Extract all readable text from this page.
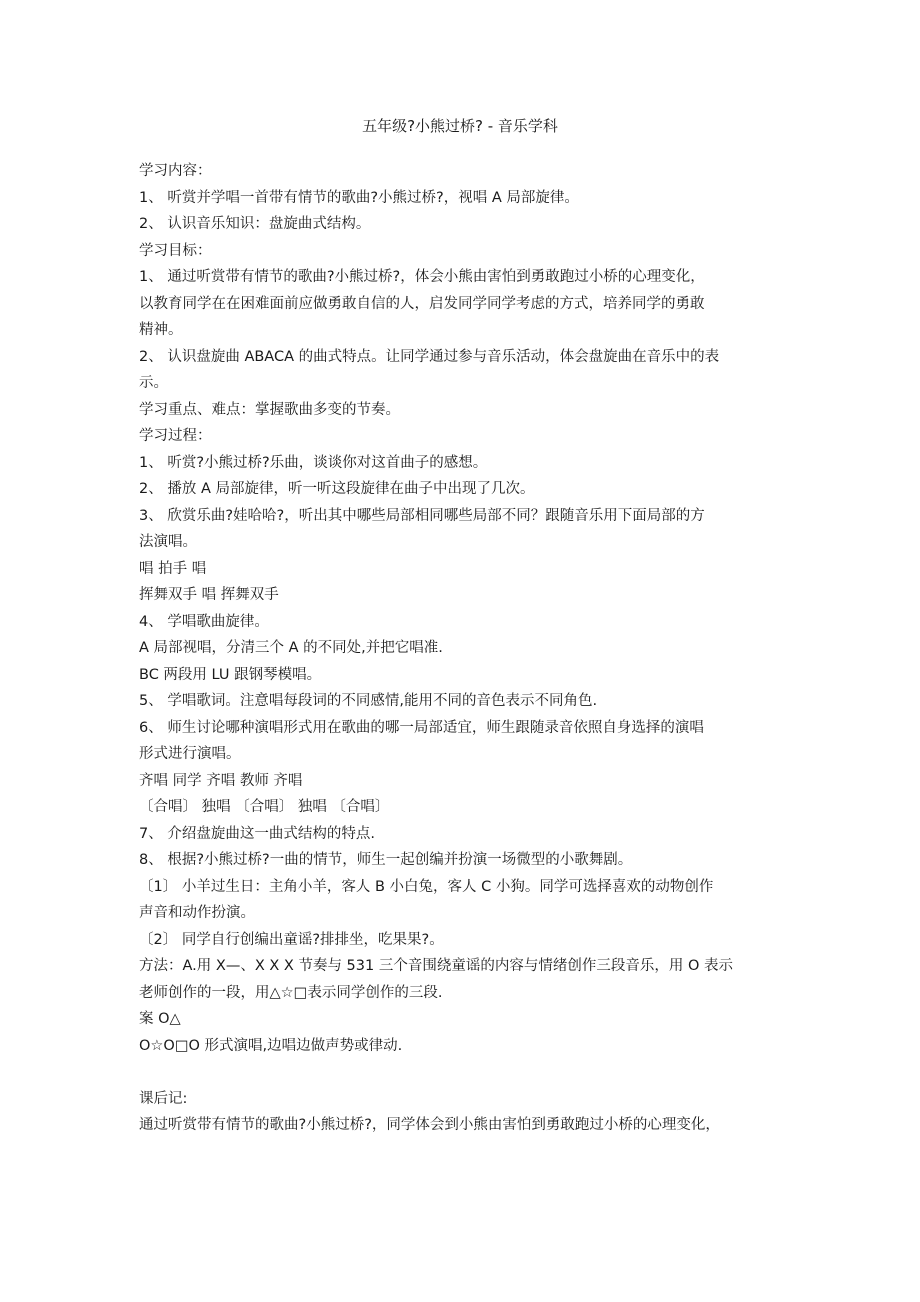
五年级?小熊过桥? - 音乐学科
学习内容：
1、 听赏并学唱一首带有情节的歌曲?小熊过桥?，视唱 A 局部旋律。
2、 认识音乐知识：盘旋曲式结构。
学习目标：
1、 通过听赏带有情节的歌曲?小熊过桥?，体会小熊由害怕到勇敢跑过小桥的心理变化，
以教育同学在在困难面前应做勇敢自信的人，启发同学同学考虑的方式，培养同学的勇敢
精神。
2、 认识盘旋曲 ABACA 的曲式特点。让同学通过参与音乐活动，体会盘旋曲在音乐中的表
示。
学习重点、难点：掌握歌曲多变的节奏。
学习过程：
1、 听赏?小熊过桥?乐曲，谈谈你对这首曲子的感想。
2、 播放 A 局部旋律，听一听这段旋律在曲子中出现了几次。
3、 欣赏乐曲?娃哈哈?，听出其中哪些局部相同哪些局部不同？跟随音乐用下面局部的方
法演唱。
唱 拍手 唱
挥舞双手 唱 挥舞双手
4、 学唱歌曲旋律。
A 局部视唱，分清三个 A 的不同处,并把它唱准.
BC 两段用 LU 跟钢琴模唱。
5、 学唱歌词。注意唱每段词的不同感情,能用不同的音色表示不同角色.
6、 师生讨论哪种演唱形式用在歌曲的哪一局部适宜，师生跟随录音依照自身选择的演唱
形式进行演唱。
齐唱 同学 齐唱 教师 齐唱
〔合唱〕 独唱 〔合唱〕 独唱 〔合唱〕
7、 介绍盘旋曲这一曲式结构的特点.
8、 根据?小熊过桥?一曲的情节，师生一起创编并扮演一场微型的小歌舞剧。
〔1〕 小羊过生日：主角小羊，客人 B 小白兔，客人 C 小狗。同学可选择喜欢的动物创作
声音和动作扮演。
〔2〕 同学自行创编出童谣?排排坐，吃果果?。
方法：A.用 X—、X X X 节奏与 531 三个音围绕童谣的内容与情绪创作三段音乐，用 O 表示
老师创作的一段，用△☆□表示同学创作的三段.
案 O△
O☆O□O 形式演唱,边唱边做声势或律动.
课后记:
通过听赏带有情节的歌曲?小熊过桥?，同学体会到小熊由害怕到勇敢跑过小桥的心理变化，
